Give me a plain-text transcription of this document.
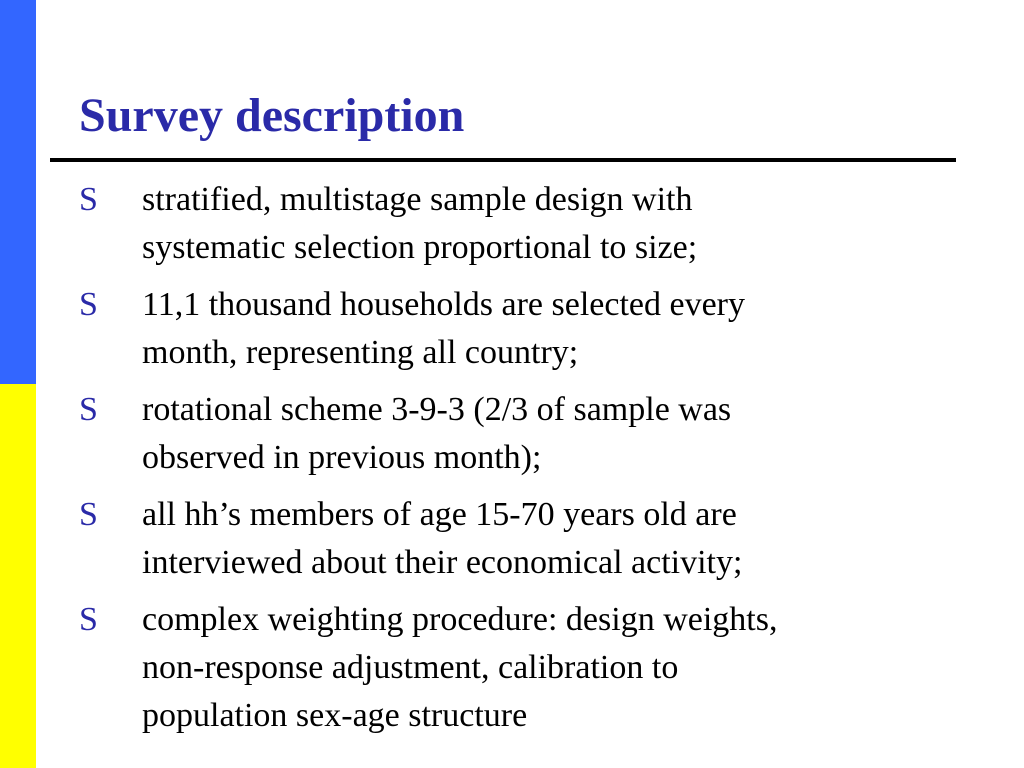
Survey description
S stratified, multistage sample design with
systematic selection proportional to size;
S 11,1 thousand households are selected every
month, representing all country;
S rotational scheme 3-9-3 (2/3 of sample was
observed in previous month);
S all hh’s members of age 15-70 years old are
interviewed about their economical activity;
S complex weighting procedure: design weights,
non-response adjustment, calibration to
population sex-age structure
